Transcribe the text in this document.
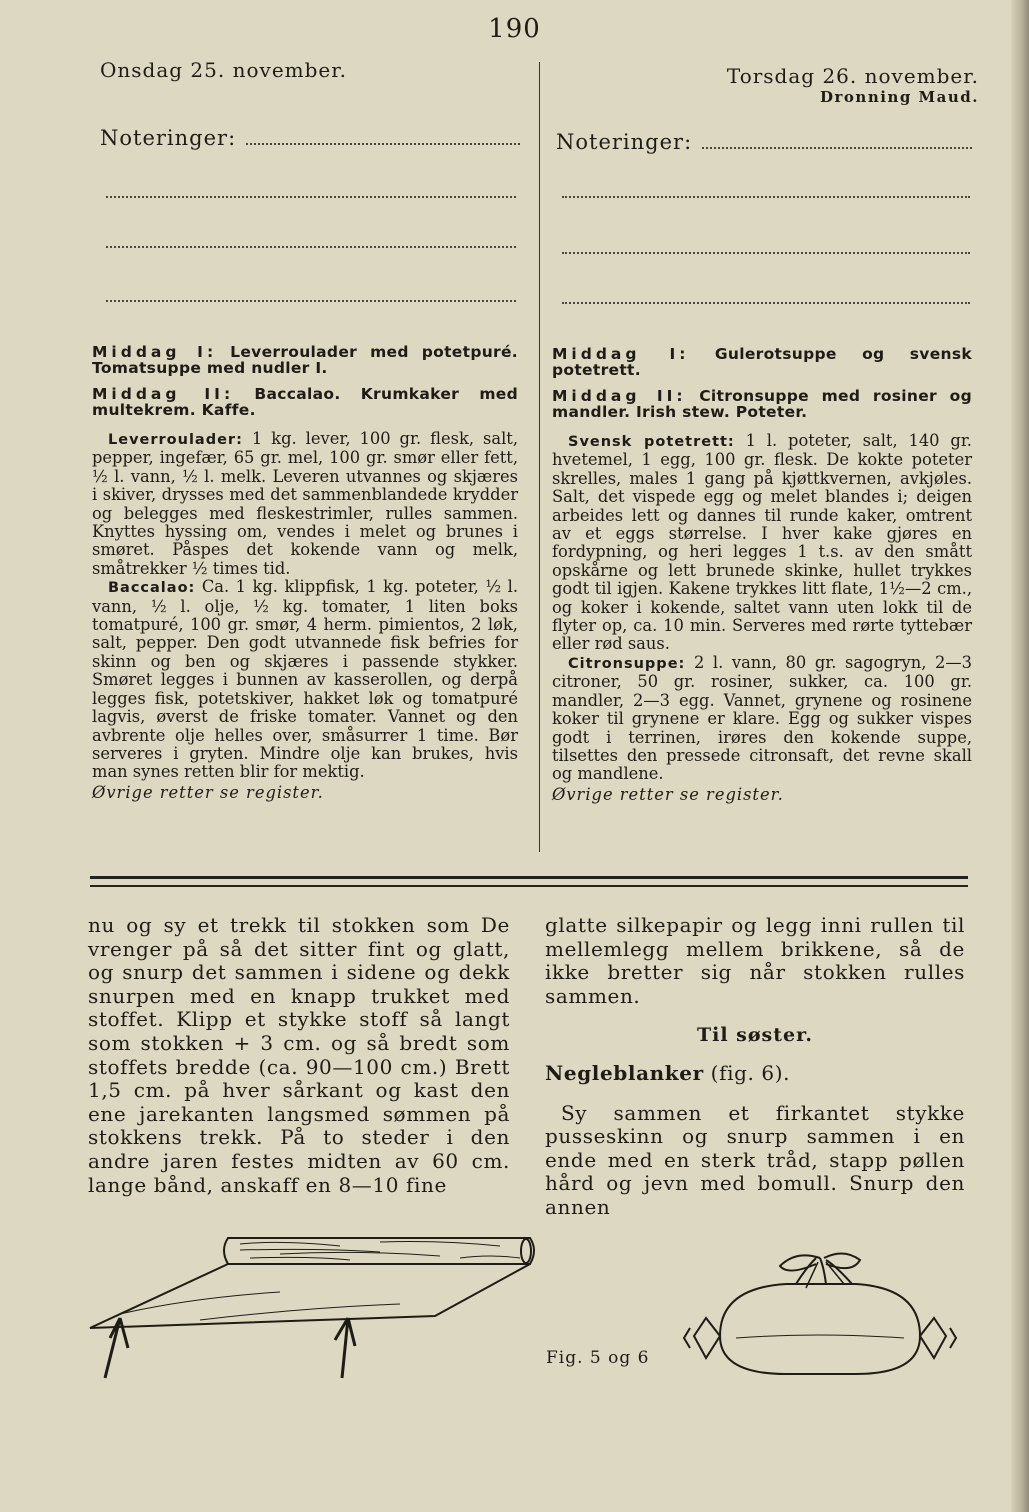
190
Onsdag 25. november.
Noteringer:
Torsdag 26. november.
Dronning Maud.
Noteringer:

Middag I: Leverroulader med potetpuré. Tomatsuppe med nudler I.

Middag II: Baccalao. Krumkaker med multekrem. Kaffe.

Leverroulader: 1 kg. lever, 100 gr. flesk, salt, pepper, ingefær, 65 gr. mel, 100 gr. smør eller fett, ½ l. vann, ½ l. melk. Leveren utvannes og skjæres i skiver, drysses med det sammenblandede krydder og belegges med fleskestrimler, rulles sammen. Knyttes hyssing om, vendes i melet og brunes i smøret. Påspes det kokende vann og melk, småtrekker ½ times tid.

Baccalao: Ca. 1 kg. klippfisk, 1 kg. poteter, ½ l. vann, ½ l. olje, ½ kg. tomater, 1 liten boks tomatpuré, 100 gr. smør, 4 herm. pimientos, 2 løk, salt, pepper. Den godt utvannede fisk befries for skinn og ben og skjæres i passende stykker. Smøret legges i bunnen av kasserollen, og derpå legges fisk, potetskiver, hakket løk og tomatpuré lagvis, øverst de friske tomater. Vannet og den avbrente olje helles over, småsurrer 1 time. Bør serveres i gryten. Mindre olje kan brukes, hvis man synes retten blir for mektig.

Øvrige retter se register.

Middag I: Gulerotsuppe og svensk potetrett.

Middag II: Citronsuppe med rosiner og mandler. Irish stew. Poteter.

Svensk potetrett: 1 l. poteter, salt, 140 gr. hvetemel, 1 egg, 100 gr. flesk. De kokte poteter skrelles, males 1 gang på kjøttkvernen, avkjøles. Salt, det vispede egg og melet blandes i; deigen arbeides lett og dannes til runde kaker, omtrent av et eggs størrelse. I hver kake gjøres en fordypning, og heri legges 1 t.s. av den smått opskårne og lett brunede skinke, hullet trykkes godt til igjen. Kakene trykkes litt flate, 1½—2 cm., og koker i kokende, saltet vann uten lokk til de flyter op, ca. 10 min. Serveres med rørte tyttebær eller rød saus.

Citronsuppe: 2 l. vann, 80 gr. sagogryn, 2—3 citroner, 50 gr. rosiner, sukker, ca. 100 gr. mandler, 2—3 egg. Vannet, grynene og rosinene koker til grynene er klare. Egg og sukker vispes godt i terrinen, irøres den kokende suppe, tilsettes den pressede citronsaft, det revne skall og mandlene.

Øvrige retter se register.

nu og sy et trekk til stokken som De vrenger på så det sitter fint og glatt, og snurp det sammen i sidene og dekk snurpen med en knapp trukket med stoffet. Klipp et stykke stoff så langt som stokken + 3 cm. og så bredt som stoffets bredde (ca. 90—100 cm.) Brett 1,5 cm. på hver sårkant og kast den ene jarekanten langsmed sømmen på stokkens trekk. På to steder i den andre jaren festes midten av 60 cm. lange bånd, anskaff en 8—10 fine

glatte silkepapir og legg inni rullen til mellemlegg mellem brikkene, så de ikke bretter sig når stokken rulles sammen.

Til søster.

Negleblanker (fig. 6).

Sy sammen et firkantet stykke pusseskinn og snurp sammen i en ende med en sterk tråd, stapp pøllen hård og jevn med bomull. Snurp den annen

Fig. 5 og 6
